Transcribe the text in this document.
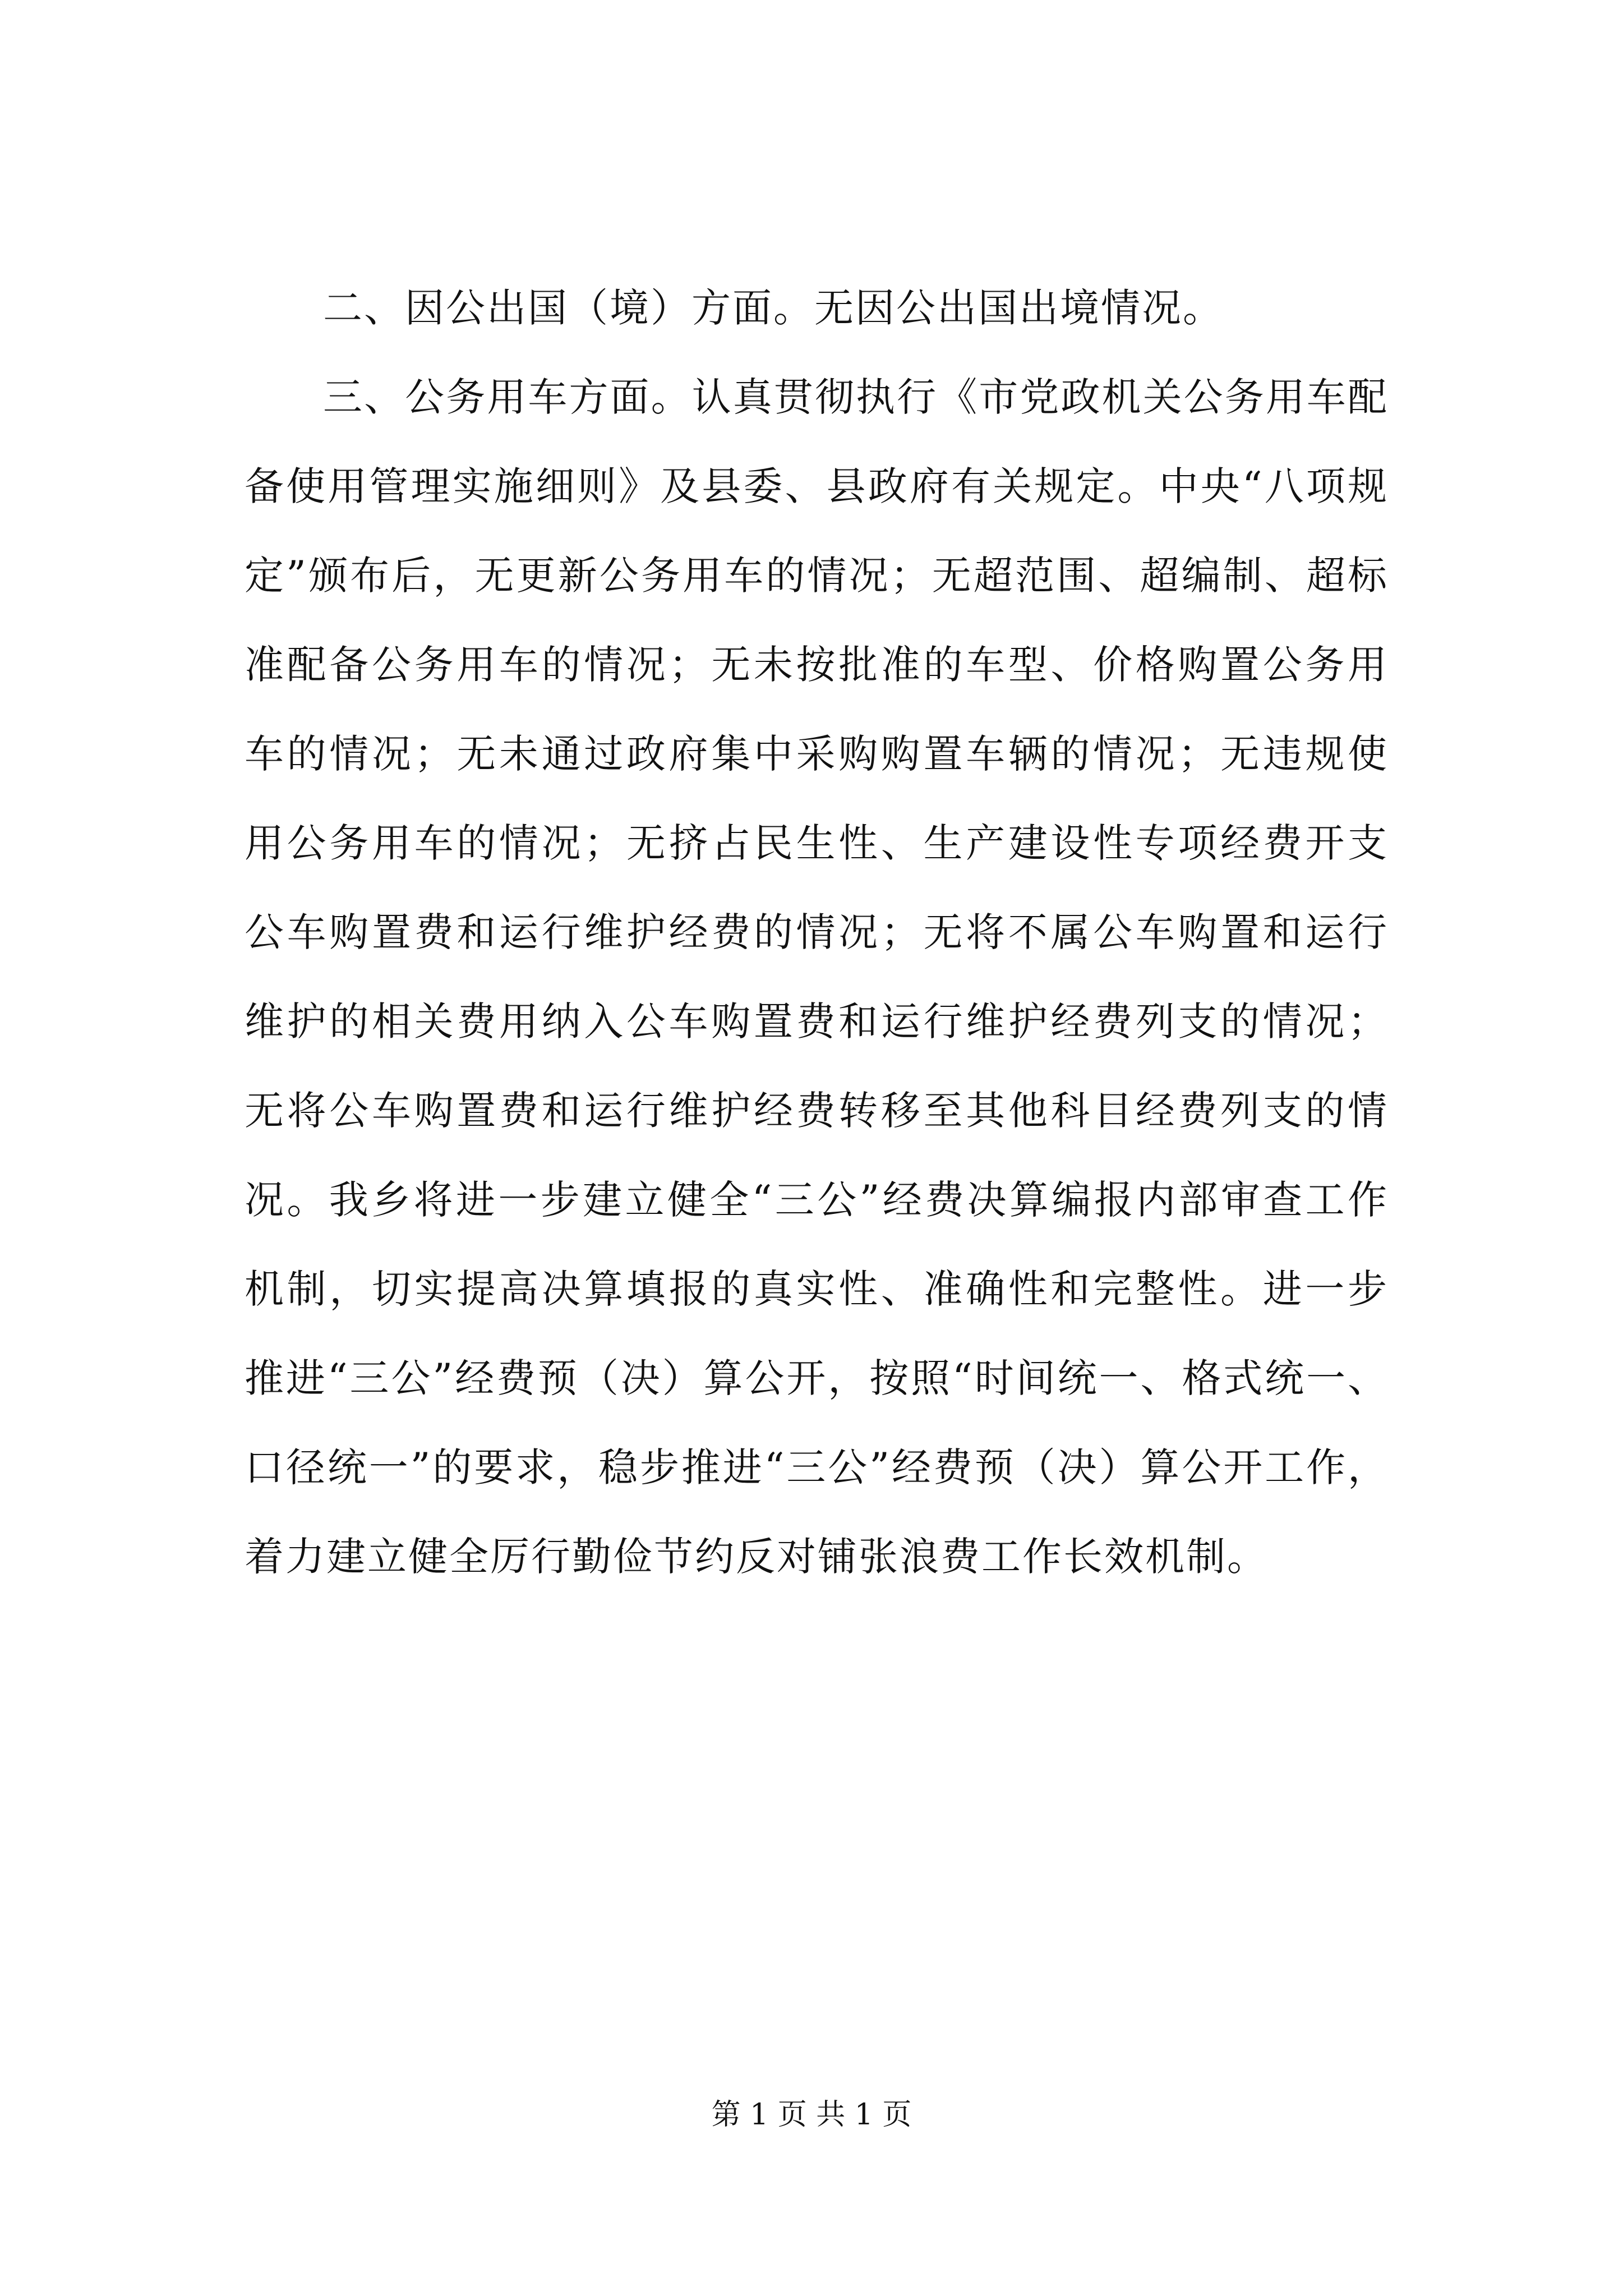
二、因公出国（境）方面。无因公出国出境情况。

三、公务用车方面。认真贯彻执行《市党政机关公务用车配备使用管理实施细则》及县委、县政府有关规定。中央“八项规定”颁布后，无更新公务用车的情况；无超范围、超编制、超标准配备公务用车的情况；无未按批准的车型、价格购置公务用车的情况；无未通过政府集中采购购置车辆的情况；无违规使用公务用车的情况；无挤占民生性、生产建设性专项经费开支公车购置费和运行维护经费的情况；无将不属公车购置和运行维护的相关费用纳入公车购置费和运行维护经费列支的情况；无将公车购置费和运行维护经费转移至其他科目经费列支的情况。我乡将进一步建立健全“三公”经费决算编报内部审查工作机制，切实提高决算填报的真实性、准确性和完整性。进一步推进“三公”经费预（决）算公开，按照“时间统一、格式统一、口径统一”的要求，稳步推进“三公”经费预（决）算公开工作，着力建立健全厉行勤俭节约反对铺张浪费工作长效机制。

第 1 页 共 1 页
